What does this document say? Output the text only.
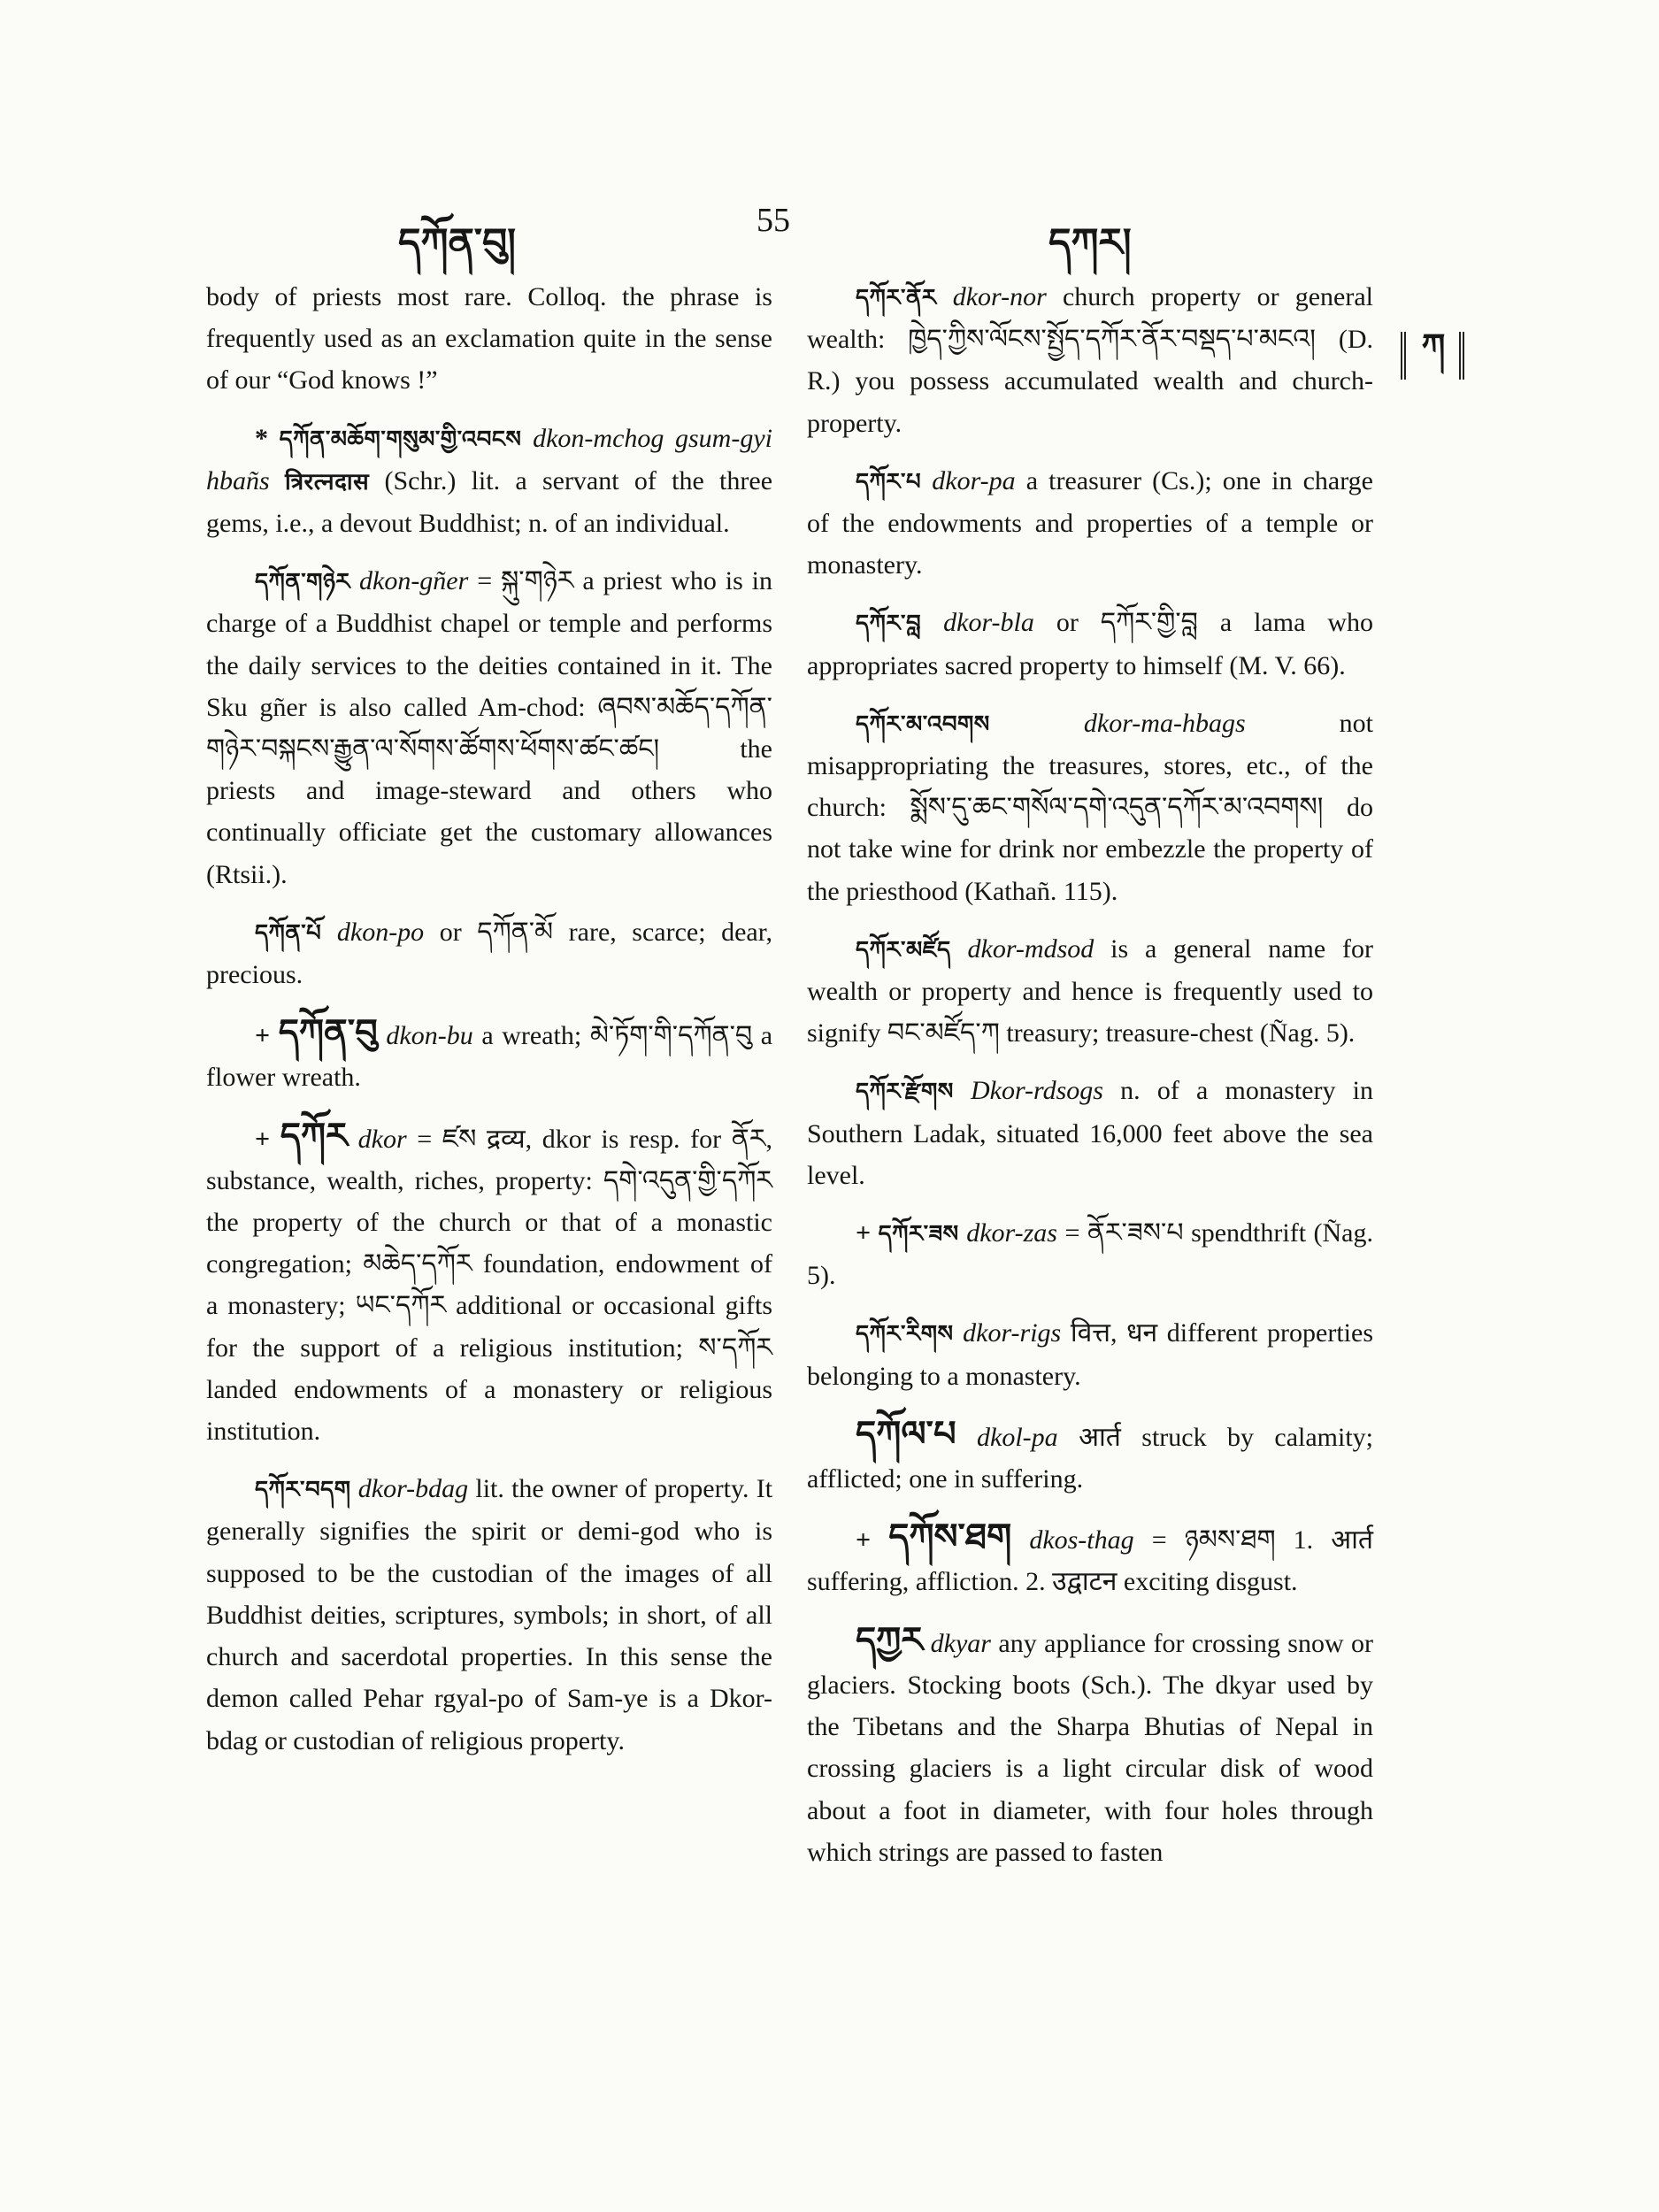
དཀོན་བུ།	55	དཀར།
ཀ

body of priests most rare. Colloq. the phrase is frequently used as an exclamation quite in the sense of our “God knows !”

* དཀོན་མཆོག་གསུམ་གྱི་འབངས dkon-mchog gsum-gyi hbañs त्रिरत्नदास (Schr.) lit. a servant of the three gems, i.e., a devout Buddhist; n. of an individual.

དཀོན་གཉེར dkon-gñer = སྐུ་གཉེར a priest who is in charge of a Buddhist chapel or temple and performs the daily services to the deities contained in it. The Sku gñer is also called Am-chod: ཞབས་མཆོད་དཀོན་གཉེར་བསྐངས་རྒྱུན་ལ་སོགས་ཚོགས་ཕོགས་ཚང་ཚང། the priests and image-steward and others who continually officiate get the customary allowances (Rtsii.).

དཀོན་པོ dkon-po or དཀོན་མོ rare, scarce; dear, precious.

+ དཀོན་བུ dkon-bu a wreath; མེ་ཏོག་གི་དཀོན་བུ a flower wreath.

+ དཀོར dkor = ཛས द्रव्य, dkor is resp. for ནོར, substance, wealth, riches, property: དགེ་འདུན་གྱི་དཀོར the property of the church or that of a monastic congregation; མཆེད་དཀོར foundation, endowment of a monastery; ཡང་དཀོར additional or occasional gifts for the support of a religious institution; ས་དཀོར landed endowments of a monastery or religious institution.

དཀོར་བདག dkor-bdag lit. the owner of property. It generally signifies the spirit or demi-god who is supposed to be the custodian of the images of all Buddhist deities, scriptures, symbols; in short, of all church and sacerdotal properties. In this sense the demon called Pehar rgyal-po of Sam-ye is a Dkor-bdag or custodian of religious property.

དཀོར་ནོར dkor-nor church property or general wealth: ཁྱེད་ཀྱིས་ལོངས་སྤྱོད་དཀོར་ནོར་བསྡད་པ་མངའ། (D. R.) you possess accumulated wealth and church-property.

དཀོར་པ dkor-pa a treasurer (Cs.); one in charge of the endowments and properties of a temple or monastery.

དཀོར་བླ dkor-bla or དཀོར་གྱི་བླ a lama who appropriates sacred property to himself (M. V. 66).

དཀོར་མ་འབགས	dkor-ma-hbags	not misappropriating the treasures, stores, etc., of the church: སྨོས་དུ་ཆང་གསོལ་དགེ་འདུན་དཀོར་མ་འབགས། do not take wine for drink nor embezzle the property of the priesthood (Kathañ. 115).

དཀོར་མཛོད dkor-mdsod is a general name for wealth or property and hence is frequently used to signify བང་མཛོད་ཀ treasury; treasure-chest (Ñag. 5).

དཀོར་རྫོགས Dkor-rdsogs n. of a monastery in Southern Ladak, situated 16,000 feet above the sea level.

+ དཀོར་ཟས dkor-zas = ནོར་ཟས་པ spendthrift (Ñag. 5).

དཀོར་རིགས dkor-rigs वित्त, धन different properties belonging to a monastery.

དཀོལ་པ dkol-pa आर्त struck by calamity; afflicted; one in suffering.

+ དཀོས་ཐག dkos-thag = ཉམས་ཐག 1. आर्त suffering, affliction. 2. उद्वाटन exciting disgust.

དཀྱར dkyar any appliance for crossing snow or glaciers. Stocking boots (Sch.). The dkyar used by the Tibetans and the Sharpa Bhutias of Nepal in crossing glaciers is a light circular disk of wood about a foot in diameter, with four holes through which strings are passed to fasten
